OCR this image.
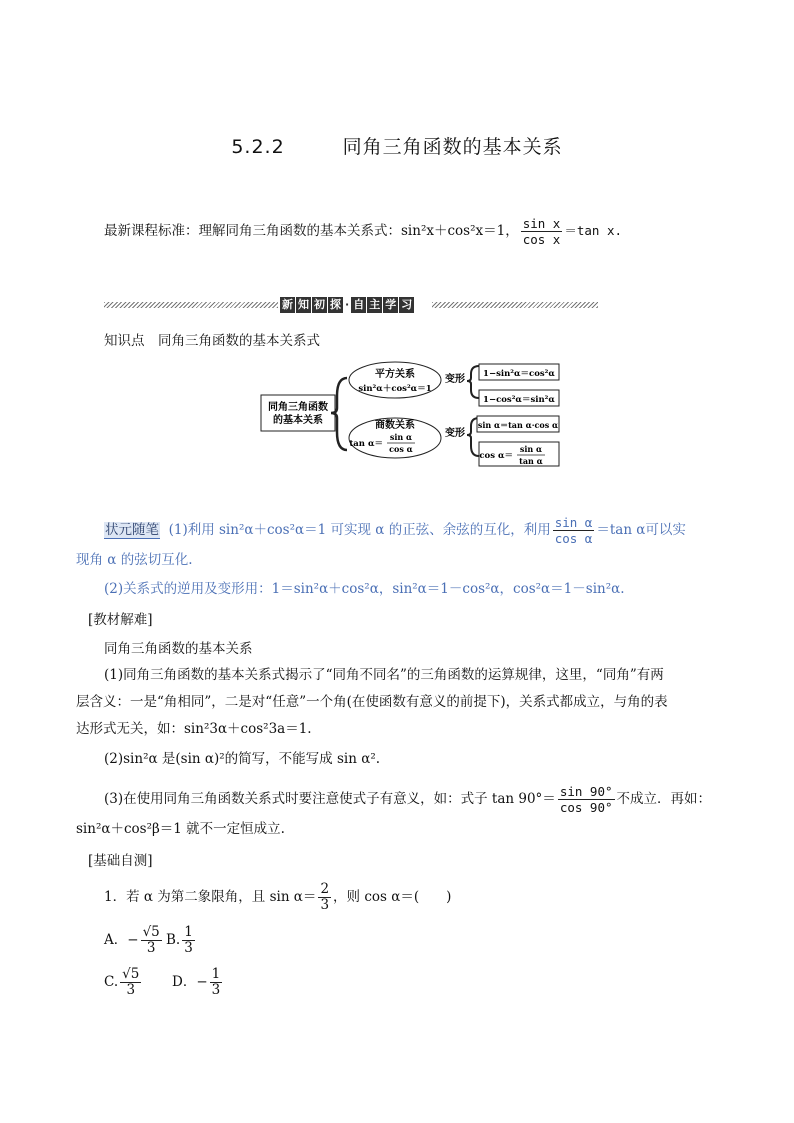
5.2.2	同角三角函数的基本关系
最新课程标准：理解同角三角函数的基本关系式：sin²x＋cos²x＝1， $\frac{\text{sin x}}{\text{cos x}} =\tan$ x.
新 知 初 探 · 自 主 学 习
知识点　同角三角函数的基本关系式
同角三角函数
的基本关系
平方关系
sin²α＋cos²α＝1
商数关系
tan α＝
sin α
cos α
变形
变形
1−sin²α＝cos²α
1−cos²α＝sin²α
sin α＝tan α·cos α
cos α＝
sin α
tan α
状元随笔 (1)利用 sin²α＋cos²α＝1 可实现 α 的正弦、余弦的互化，利用 $\frac{\text{sin α}}{\text{cos α}} =\tan$ α可以实
现角 α 的弦切互化.
(2)关系式的逆用及变形用：1＝sin²α＋cos²α，sin²α＝1－cos²α，cos²α＝1－sin²α.
[教材解难]
同角三角函数的基本关系
(1)同角三角函数的基本关系式揭示了“同角不同名”的三角函数的运算规律，这里，“同角”有两
层含义：一是“角相同”，二是对“任意”一个角(在使函数有意义的前提下)，关系式都成立，与角的表
达形式无关，如：sin²3α＋cos²3a＝1.
(2)sin²α 是(sin α)²的简写，不能写成 sin α².
(3)在使用同角三角函数关系式时要注意使式子有意义，如：式子 $\tan 90^\circ= \frac{\sin 90^\circ}{\cos 90^\circ}$ 不成立．再如：
sin²α＋cos²β＝1 就不一定恒成立.
[基础自测]
1．若 α 为第二象限角，且 $\sin \alpha= \frac{2}{3}$ ，则 cos α＝(　　)
A．− $\frac{√5}{3} B$. $\frac{1}{3}$
C. $\frac{√5}{3}$ D．− $\frac{1}{3}$
